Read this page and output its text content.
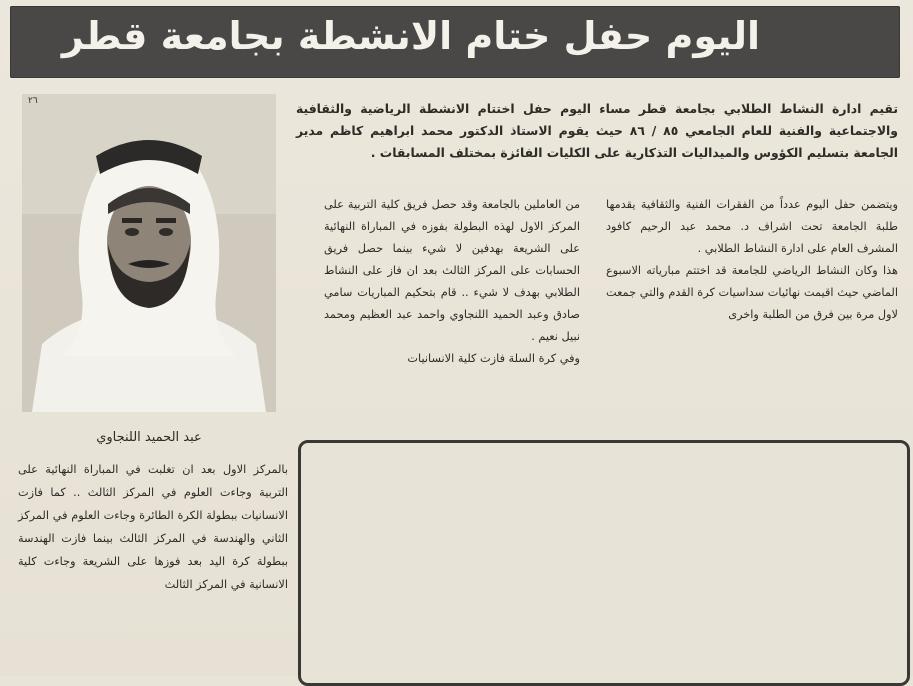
اليوم حفل ختام الانشطة بجامعة قطر
٢٦
عبد الحميد اللنجاوي

تقيم ادارة النشاط الطلابي بجامعة قطر مساء اليوم حفل اختتام الانشطة الرياضية والثقافية والاجتماعية والفنية للعام الجامعي ٨٥ / ٨٦ حيث يقوم الاستاذ الدكتور محمد ابراهيم كاظم مدير الجامعة بتسليم الكؤوس والميداليات التذكارية على الكليات الفائزة بمختلف المسابقات .

ويتضمن حفل اليوم عدداً من الفقرات الفنية والثقافية يقدمها طلبة الجامعة تحت اشراف د. محمد عبد الرحيم كافود المشرف العام على ادارة النشاط الطلابي .

هذا وكان النشاط الرياضي للجامعة قد اختتم مبارياته الاسبوع الماضي حيث اقيمت نهائيات سداسيات كرة القدم والتي جمعت لاول مرة بين فرق من الطلبة واخرى

من العاملين بالجامعة وقد حصل فريق كلية التربية على المركز الاول لهذه البطولة بفوزه في المباراة النهائية على الشريعة بهدفين لا شيء بينما حصل فريق الحسابات على المركز الثالث بعد ان فاز على النشاط الطلابي بهدف لا شيء .. قام بتحكيم المباريات سامي صادق وعبد الحميد اللنجاوي واحمد عبد العظيم ومحمد نبيل نعيم .

وفي كرة السلة فازت كلية الانسانيات

بالمركز الاول بعد ان تغلبت في المباراة النهائية على التربية وجاءت العلوم في المركز الثالث .. كما فازت الانسانيات ببطولة الكرة الطائرة وجاءت العلوم في المركز الثاني والهندسة في المركز الثالث بينما فازت الهندسة ببطولة كرة اليد بعد فوزها على الشريعة وجاءت كلية الانسانية في المركز الثالث
